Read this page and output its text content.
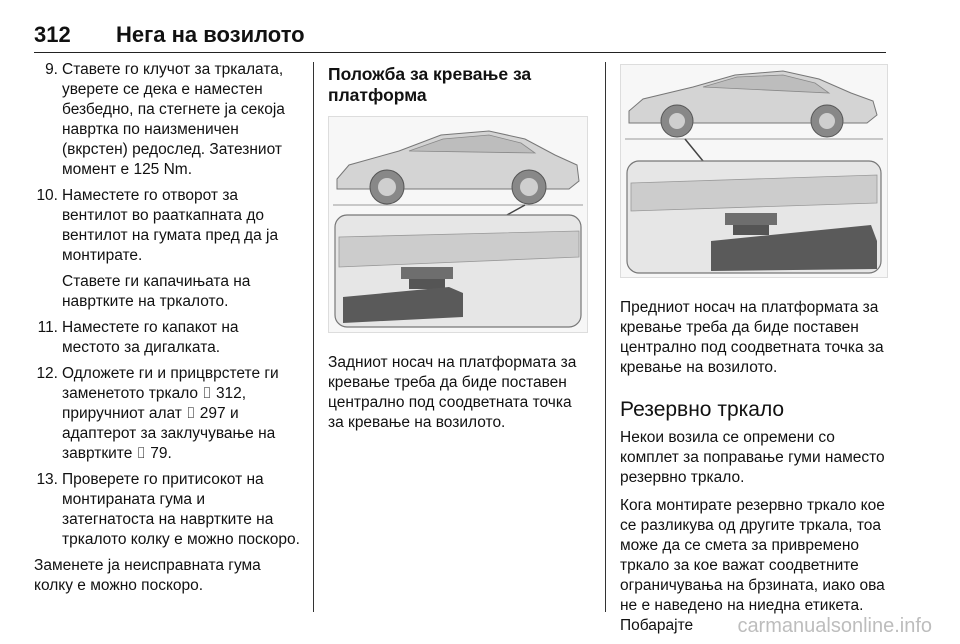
312 Нега на возилото
9. Ставете го клучот за тркалата, уверете се дека е наместен безбедно, па стегнете ја секоја навртка по наизменичен (вкрстен) редослед. Затезниот момент е 125 Nm.

10. Наместете го отворот за вентилот во рааткапната до вентилот на гумата пред да ја монтирате.

Ставете ги капачињата на навртките на тркалото.

11. Наместете го капакот на местото за дигалката.

12. Одложете ги и прицврстете ги заменетото тркало ⌷ 312, приручниот алат ⌷ 297 и адаптерот за заклучување на завртките ⌷ 79.

13. Проверете го притисокот на монтираната гума и затегнатоста на навртките на тркалото колку е можно поскоро.

Заменете ја неисправната гума колку е можно поскоро.

Положба за кревање за платформа

Задниот носач на платформата за кревање треба да биде поставен централно под соодветната точка за кревање на возилото.

Предниот носач на платформата за кревање треба да биде поставен централно под соодветната точка за кревање на возилото.

Резервно тркало

Некои возила се опремени со комплет за поправање гуми наместо резервно тркало.

Кога монтирате резервно тркало кое се разликува од другите тркала, тоа може да се смета за привремено тркало за кое важат соодветните ограничувања на брзината, иако ова не е наведено на ниедна етикета. Побарајте	carmanualsonline.info
